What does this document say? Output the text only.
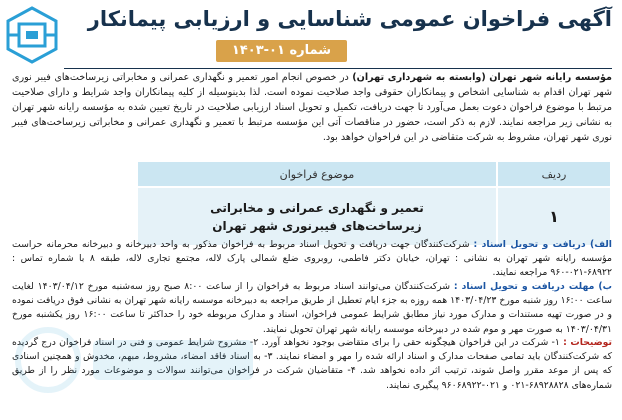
آگهی فراخوان عمومی شناسایی و ارزیابی پیمانکار
شماره ۰۱-۱۴۰۳
مؤسسه رایانه شهر تهران (وابسته به شهرداری تهران) در خصوص انجام امور تعمیر و نگهداری عمرانی و مخابراتی زیرساخت‌های فیبر نوری شهر تهران اقدام به شناسایی اشخاص و پیمانکاران حقوقی واجد صلاحیت نموده است. لذا بدینوسیله از کلیه پیمانکاران واجد شرایط و دارای صلاحیت مرتبط با موضوع فراخوان دعوت بعمل می‌آورد تا جهت دریافت، تکمیل و تحویل اسناد ارزیابی صلاحیت در تاریخ تعیین شده به مؤسسه رایانه شهر تهران به نشانی زیر مراجعه نمایند. لازم به ذکر است، حضور در مناقصات آتی این مؤسسه مرتبط با تعمیر و نگهداری عمرانی و مخابراتی زیرساخت‌های فیبر نوری شهر تهران، مشروط به شرکت متقاضی در این فراخوان خواهد بود.
ردیف	موضوع فراخوان	
۱	تعمیر و نگهداری عمرانی و مخابراتی
زیرساخت‌های فیبرنوری شهر تهران	

الف) دریافت و تحویل اسناد : شرکت‌کنندگان جهت دریافت و تحویل اسناد مربوط به فراخوان مذکور به واحد دبیرخانه و دبیرخانه محرمانه حراست مؤسسه رایانه شهر تهران به نشانی : تهران، خیابان دکتر فاطمی، روبروی ضلع شمالی پارک لاله، مجتمع تجاری لاله، طبقه ۸ با شماره تماس : ۶۸۹۲۲-۰۲۱-۹۶۰ مراجعه نمایند.
ب) مهلت دریافت و تحویل اسناد : شرکت‌کنندگان می‌توانند اسناد مربوط به فراخوان را از ساعت ۸:۰۰ صبح روز سه‌شنبه مورخ ۱۴۰۳/۰۴/۱۲ لغایت ساعت ۱۶:۰۰ روز شنبه مورخ ۱۴۰۳/۰۴/۲۳ همه روزه به جزء ایام تعطیل از طریق مراجعه به دبیرخانه موسسه رایانه شهر تهران به نشانی فوق دریافت نموده و در صورت تهیه مستندات و مدارک مورد نیاز مطابق شرایط عمومی فراخوان، اسناد و مدارک مربوطه خود را حداکثر تا ساعت ۱۶:۰۰ روز یکشنبه مورخ ۱۴۰۳/۰۴/۳۱ به صورت مهر و موم شده در دبیرخانه موسسه رایانه شهر تهران تحویل نمایند.
توضیحات : ۱- شرکت در این فراخوان هیچگونه حقی را برای متقاضی بوجود نخواهد آورد. ۲- مشروح شرایط عمومی و فنی در اسناد فراخوان درج گردیده که شرکت‌کنندگان باید تمامی صفحات مدارک و اسناد ارائه شده را مهر و امضاء نمایند. ۳- به اسناد فاقد امضاء، مشروط، مبهم، مخدوش و همچنین اسنادی که پس از موعد مقرر واصل شوند، ترتیب اثر داده نخواهد شد. ۴- متقاضیان شرکت در فراخوان می‌توانند سوالات و موضوعات مورد نظر را از طریق شماره‌های ۶۸۹۲۸۸۲۸-۰۲۱ و ۰۲۱-۹۶۰۶۸۹۲۲ پیگیری نمایند.
